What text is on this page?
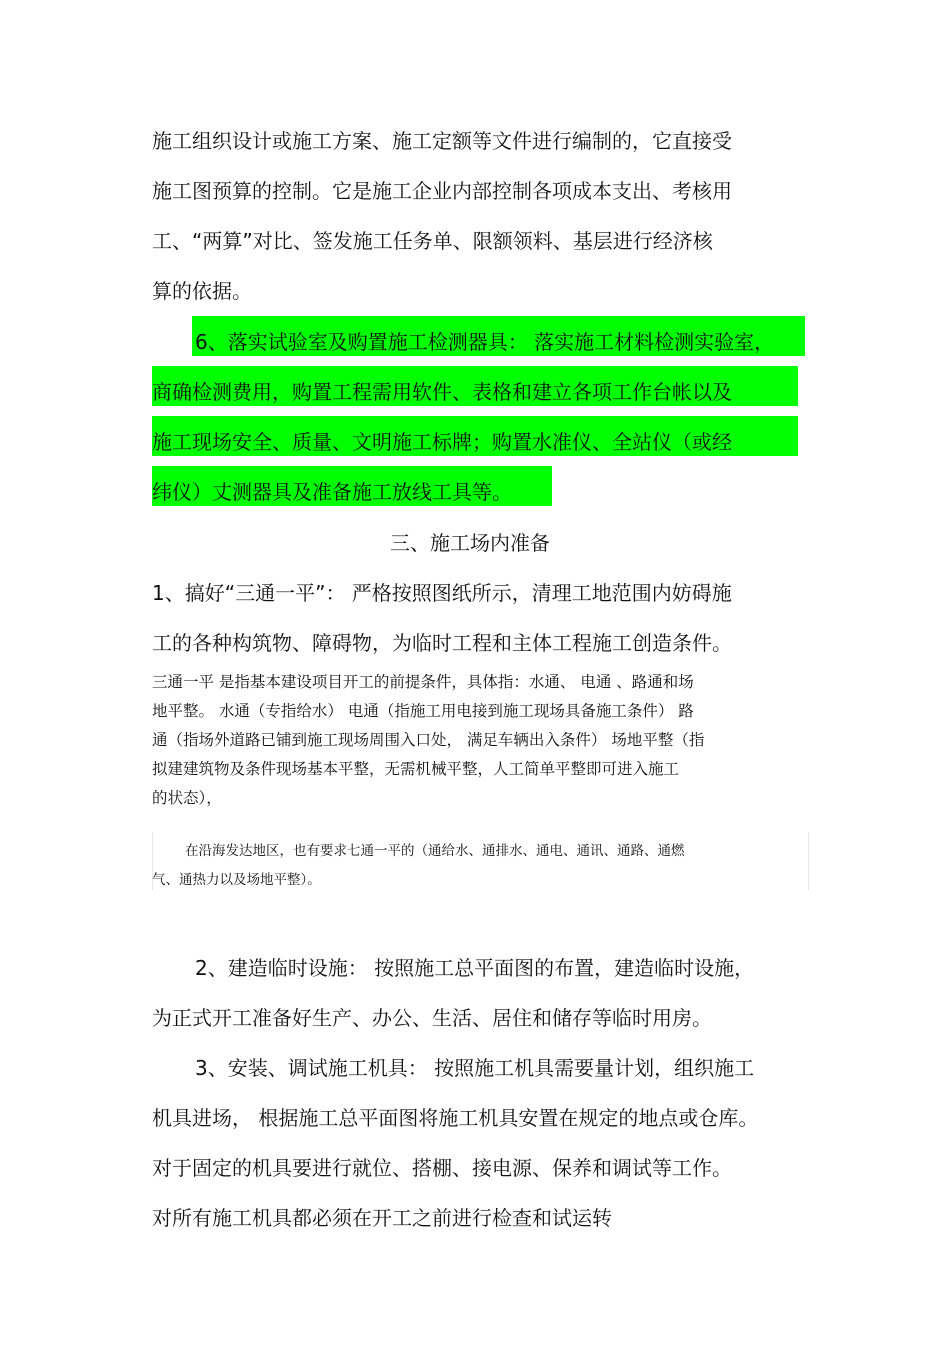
施工组织设计或施工方案、施工定额等文件进行编制的，它直接受
施工图预算的控制。它是施工企业内部控制各项成本支出、考核用
工、“两算”对比、签发施工任务单、限额领料、基层进行经济核
算的依据。
6、落实试验室及购置施工检测器具： 落实施工材料检测实验室，
商确检测费用，购置工程需用软件、表格和建立各项工作台帐以及
施工现场安全、质量、文明施工标牌；购置水准仪、全站仪（或经
纬仪）丈测器具及准备施工放线工具等。
三、施工场内准备
1、搞好“三通一平”： 严格按照图纸所示，清理工地范围内妨碍施
工的各种构筑物、障碍物，为临时工程和主体工程施工创造条件。
三通一平 是指基本建设项目开工的前提条件，具体指：水通、 电通 、路通和场
地平整。 水通（专指给水） 电通（指施工用电接到施工现场具备施工条件） 路
通（指场外道路已铺到施工现场周围入口处， 满足车辆出入条件） 场地平整（指
拟建建筑物及条件现场基本平整，无需机械平整，人工简单平整即可进入施工
的状态），
在沿海发达地区，也有要求七通一平的（通给水、通排水、通电、通讯、通路、通燃
气、通热力以及场地平整）。
2、建造临时设施： 按照施工总平面图的布置，建造临时设施，
为正式开工准备好生产、办公、生活、居住和储存等临时用房。
3、安装、调试施工机具： 按照施工机具需要量计划，组织施工
机具进场， 根据施工总平面图将施工机具安置在规定的地点或仓库。
对于固定的机具要进行就位、搭棚、接电源、保养和调试等工作。
对所有施工机具都必须在开工之前进行检查和试运转
